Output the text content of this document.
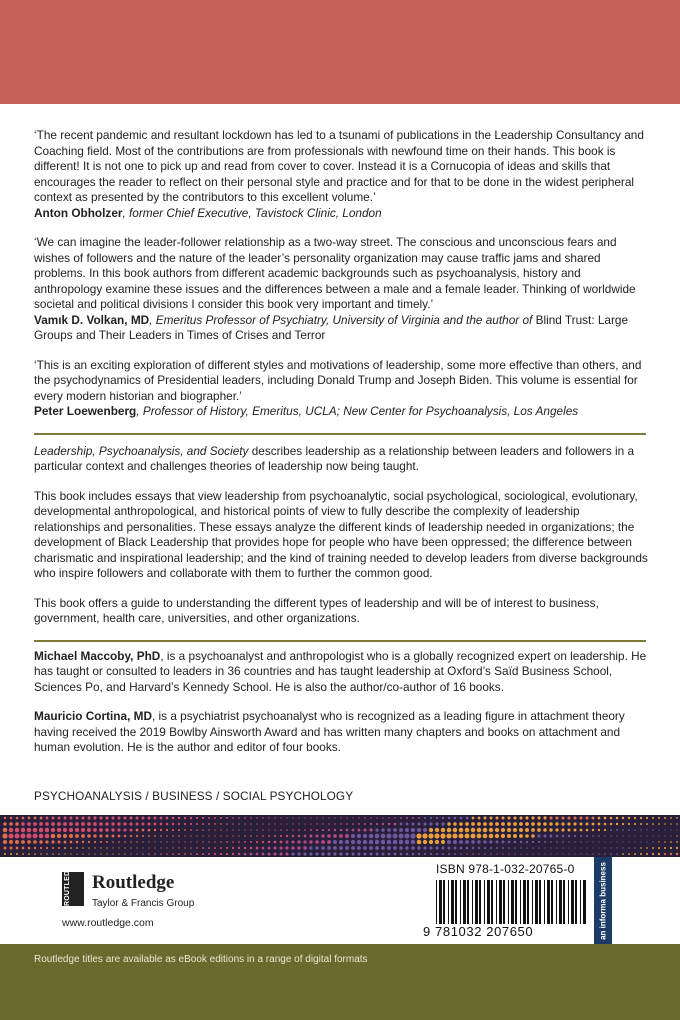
‘The recent pandemic and resultant lockdown has led to a tsunami of publications in the Leadership Consultancy and Coaching field. Most of the contributions are from professionals with newfound time on their hands. This book is different! It is not one to pick up and read from cover to cover. Instead it is a Cornucopia of ideas and skills that encourages the reader to reflect on their personal style and practice and for that to be done in the widest peripheral context as presented by the contributors to this excellent volume.’

Anton Obholzer, former Chief Executive, Tavistock Clinic, London

‘We can imagine the leader-follower relationship as a two-way street. The conscious and unconscious fears and wishes of followers and the nature of the leader’s personality organization may cause traffic jams and shared problems. In this book authors from different academic backgrounds such as psychoanalysis, history and anthropology examine these issues and the differences between a male and a female leader. Thinking of worldwide societal and political divisions I consider this book very important and timely.’

Vamık D. Volkan, MD, Emeritus Professor of Psychiatry, University of Virginia and the author of Blind Trust: Large Groups and Their Leaders in Times of Crises and Terror

‘This is an exciting exploration of different styles and motivations of leadership, some more effective than others, and the psychodynamics of Presidential leaders, including Donald Trump and Joseph Biden. This volume is essential for every modern historian and biographer.’

Peter Loewenberg, Professor of History, Emeritus, UCLA; New Center for Psychoanalysis, Los Angeles

Leadership, Psychoanalysis, and Society describes leadership as a relationship between leaders and followers in a particular context and challenges theories of leadership now being taught.

This book includes essays that view leadership from psychoanalytic, social psychological, sociological, evolutionary, developmental anthropological, and historical points of view to fully describe the complexity of leadership relationships and personalities. These essays analyze the different kinds of leadership needed in organizations; the development of Black Leadership that provides hope for people who have been oppressed; the difference between charismatic and inspirational leadership; and the kind of training needed to develop leaders from diverse backgrounds who inspire followers and collaborate with them to further the common good.

This book offers a guide to understanding the different types of leadership and will be of interest to business, government, health care, universities, and other organizations.

Michael Maccoby, PhD, is a psychoanalyst and anthropologist who is a globally recognized expert on leadership. He has taught or consulted to leaders in 36 countries and has taught leadership at Oxford’s Saïd Business School, Sciences Po, and Harvard’s Kennedy School. He is also the author/co-author of 16 books.

Mauricio Cortina, MD, is a psychiatrist psychoanalyst who is recognized as a leading figure in attachment theory having received the 2019 Bowlby Ainsworth Award and has written many chapters and books on attachment and human evolution. He is the author and editor of four books.

PSYCHOANALYSIS / BUSINESS / SOCIAL PSYCHOLOGY
ROUTLEDGE	Routledge
Taylor & Francis Group
www.routledge.com
ISBN 978-1-032-20765-0
9 781032 207650	an informa business
Routledge titles are available as eBook editions in a range of digital formats
